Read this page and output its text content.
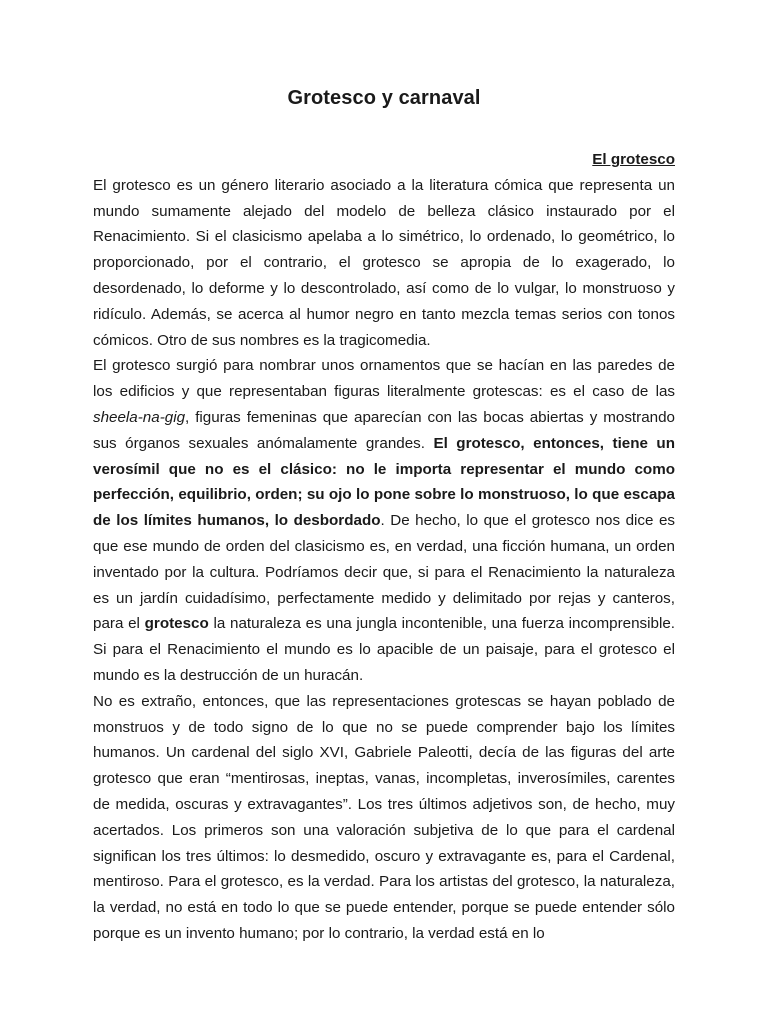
Grotesco y carnaval

El grotesco

El grotesco es un género literario asociado a la literatura cómica que representa un mundo sumamente alejado del modelo de belleza clásico instaurado por el Renacimiento. Si el clasicismo apelaba a lo simétrico, lo ordenado, lo geométrico, lo proporcionado, por el contrario, el grotesco se apropia de lo exagerado, lo desordenado, lo deforme y lo descontrolado, así como de lo vulgar, lo monstruoso y ridículo. Además, se acerca al humor negro en tanto mezcla temas serios con tonos cómicos. Otro de sus nombres es la tragicomedia.

El grotesco surgió para nombrar unos ornamentos que se hacían en las paredes de los edificios y que representaban figuras literalmente grotescas: es el caso de las sheela-na-gig, figuras femeninas que aparecían con las bocas abiertas y mostrando sus órganos sexuales anómalamente grandes. El grotesco, entonces, tiene un verosímil que no es el clásico: no le importa representar el mundo como perfección, equilibrio, orden; su ojo lo pone sobre lo monstruoso, lo que escapa de los límites humanos, lo desbordado. De hecho, lo que el grotesco nos dice es que ese mundo de orden del clasicismo es, en verdad, una ficción humana, un orden inventado por la cultura. Podríamos decir que, si para el Renacimiento la naturaleza es un jardín cuidadísimo, perfectamente medido y delimitado por rejas y canteros, para el grotesco la naturaleza es una jungla incontenible, una fuerza incomprensible. Si para el Renacimiento el mundo es lo apacible de un paisaje, para el grotesco el mundo es la destrucción de un huracán.

No es extraño, entonces, que las representaciones grotescas se hayan poblado de monstruos y de todo signo de lo que no se puede comprender bajo los límites humanos. Un cardenal del siglo XVI, Gabriele Paleotti, decía de las figuras del arte grotesco que eran “mentirosas, ineptas, vanas, incompletas, inverosímiles, carentes de medida, oscuras y extravagantes”. Los tres últimos adjetivos son, de hecho, muy acertados. Los primeros son una valoración subjetiva de lo que para el cardenal significan los tres últimos: lo desmedido, oscuro y extravagante es, para el Cardenal, mentiroso. Para el grotesco, es la verdad. Para los artistas del grotesco, la naturaleza, la verdad, no está en todo lo que se puede entender, porque se puede entender sólo porque es un invento humano; por lo contrario, la verdad está en lo
